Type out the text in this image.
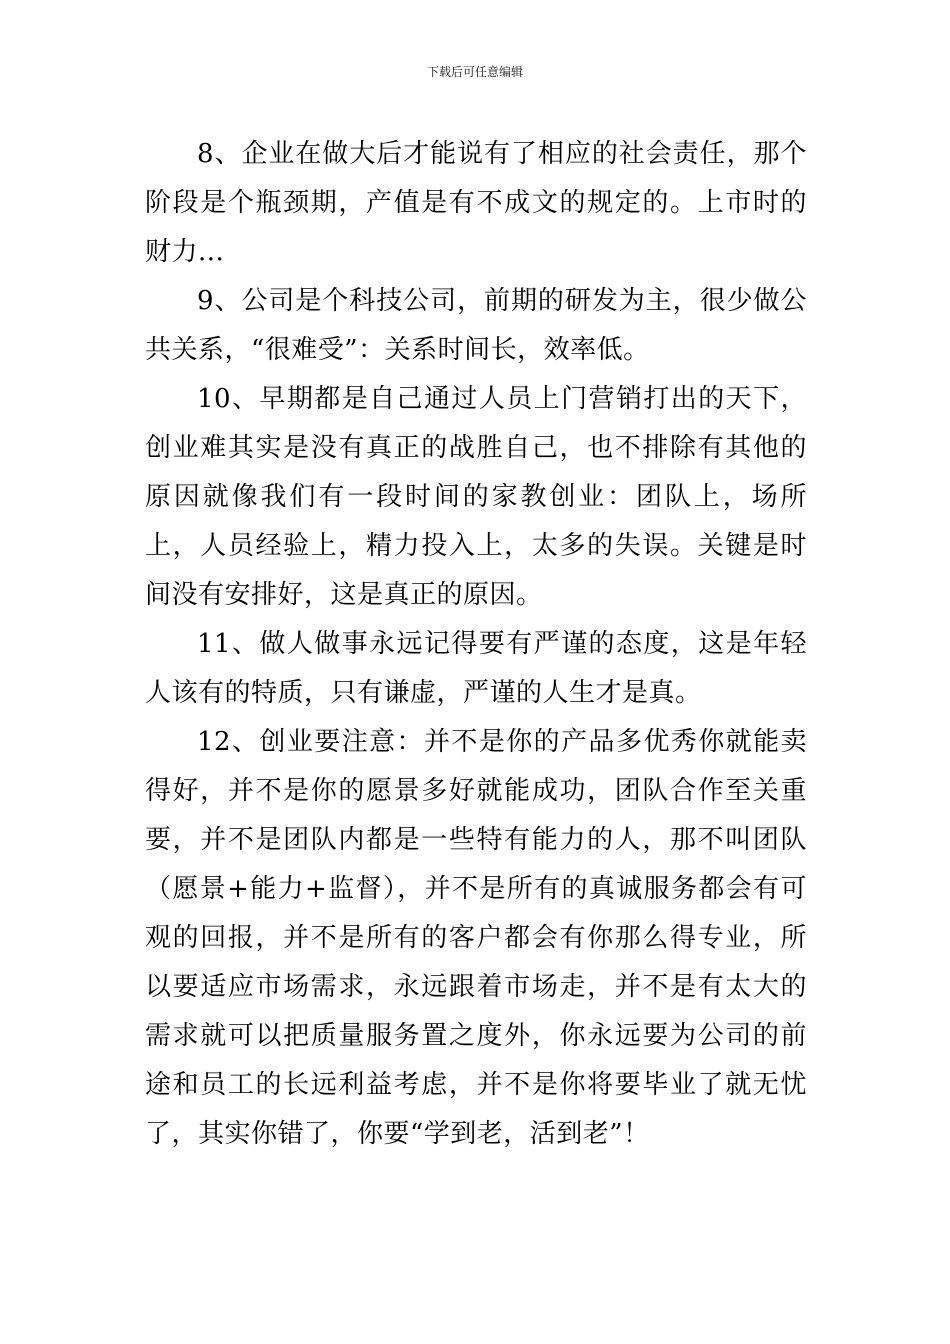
下载后可任意编辑

8、企业在做大后才能说有了相应的社会责任，那个阶段是个瓶颈期，产值是有不成文的规定的。上市时的财力...

9、公司是个科技公司，前期的研发为主，很少做公共关系，“很难受”：关系时间长，效率低。

10、早期都是自己通过人员上门营销打出的天下，创业难其实是没有真正的战胜自己，也不排除有其他的原因就像我们有一段时间的家教创业：团队上，场所上，人员经验上，精力投入上，太多的失误。关键是时间没有安排好，这是真正的原因。

11、做人做事永远记得要有严谨的态度，这是年轻人该有的特质，只有谦虚，严谨的人生才是真。

12、创业要注意：并不是你的产品多优秀你就能卖得好，并不是你的愿景多好就能成功，团队合作至关重要，并不是团队内都是一些特有能力的人，那不叫团队（愿景+能力+监督），并不是所有的真诚服务都会有可观的回报，并不是所有的客户都会有你那么得专业，所以要适应市场需求，永远跟着市场走，并不是有太大的需求就可以把质量服务置之度外，你永远要为公司的前途和员工的长远利益考虑，并不是你将要毕业了就无忧了，其实你错了，你要“学到老，活到老”！
